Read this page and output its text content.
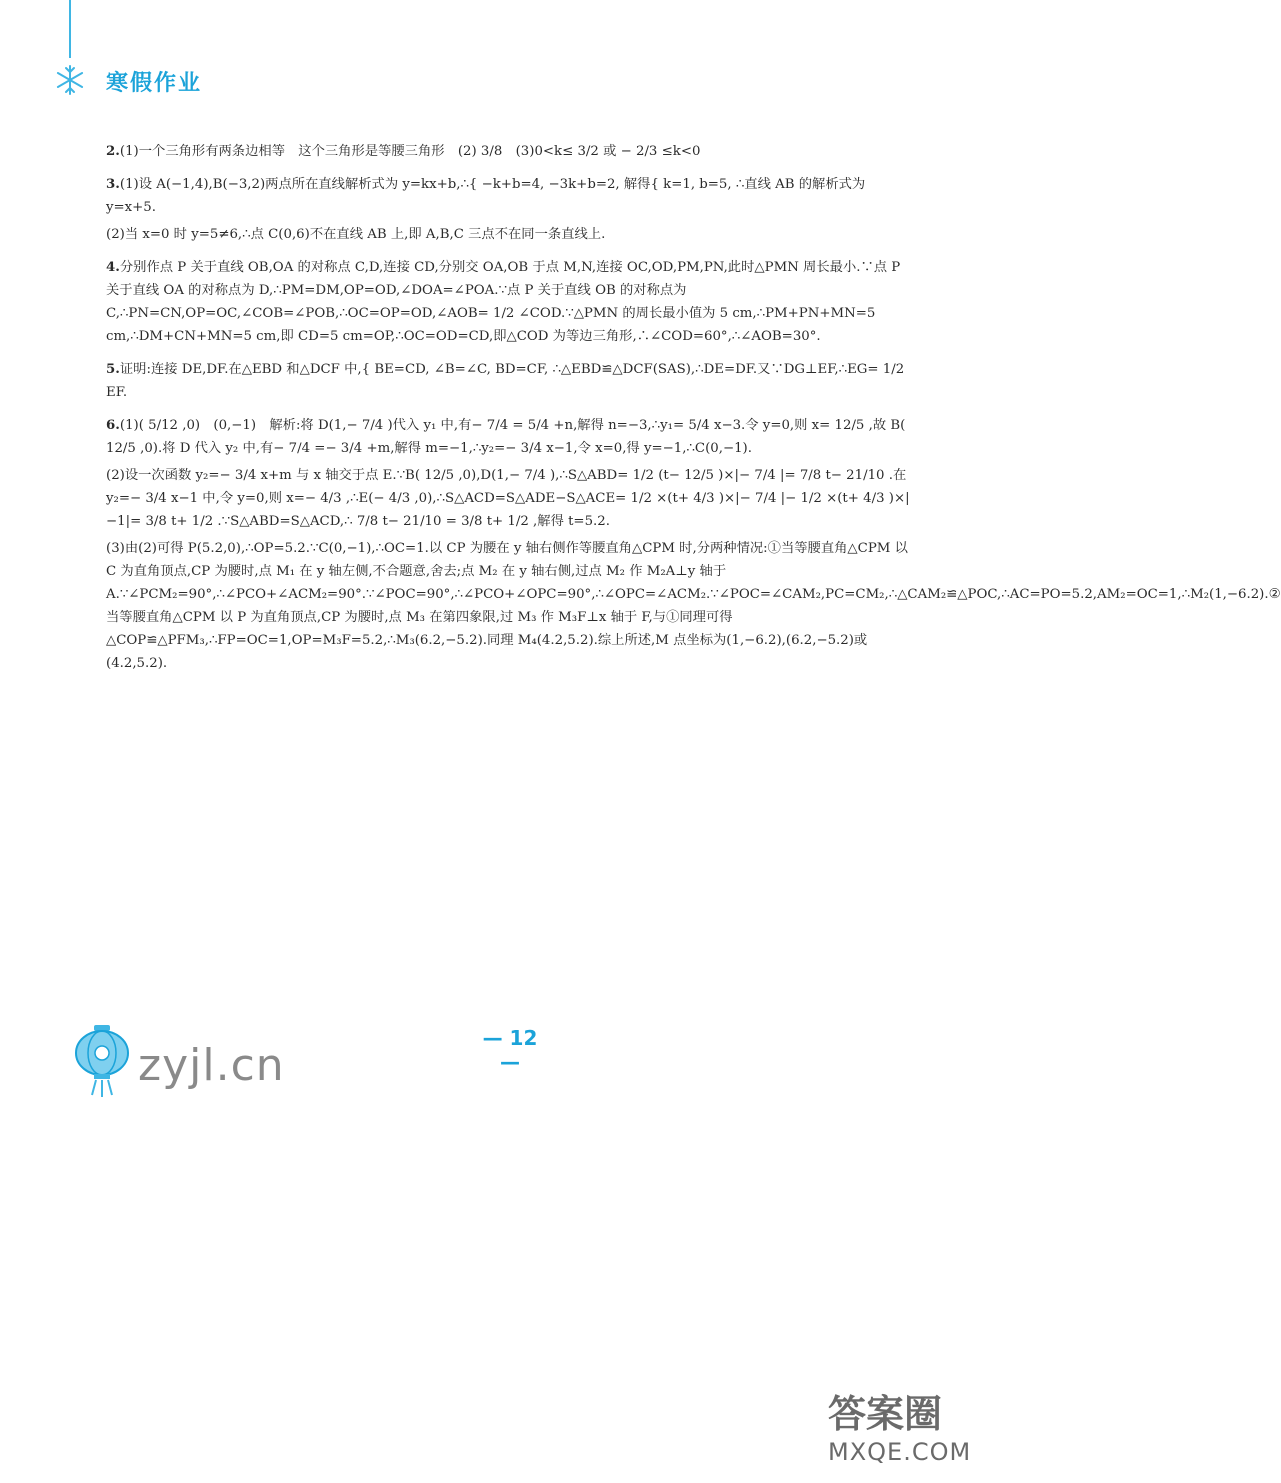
寒假作业

2.(1)一个三角形有两条边相等　这个三角形是等腰三角形　(2) 3/8　(3)0<k≤ 3/2 或 − 2/3 ≤k<0

3.(1)设 A(−1,4),B(−3,2)两点所在直线解析式为 y=kx+b,∴{ −k+b=4, −3k+b=2, 解得{ k=1, b=5, ∴直线 AB 的解析式为 y=x+5.

(2)当 x=0 时 y=5≠6,∴点 C(0,6)不在直线 AB 上,即 A,B,C 三点不在同一条直线上.

4.分别作点 P 关于直线 OB,OA 的对称点 C,D,连接 CD,分别交 OA,OB 于点 M,N,连接 OC,OD,PM,PN,此时△PMN 周长最小.∵点 P 关于直线 OA 的对称点为 D,∴PM=DM,OP=OD,∠DOA=∠POA.∵点 P 关于直线 OB 的对称点为 C,∴PN=CN,OP=OC,∠COB=∠POB,∴OC=OP=OD,∠AOB= 1/2 ∠COD.∵△PMN 的周长最小值为 5 cm,∴PM+PN+MN=5 cm,∴DM+CN+MN=5 cm,即 CD=5 cm=OP,∴OC=OD=CD,即△COD 为等边三角形,∴∠COD=60°,∴∠AOB=30°.

5.证明:连接 DE,DF.在△EBD 和△DCF 中,{ BE=CD, ∠B=∠C, BD=CF, ∴△EBD≌△DCF(SAS),∴DE=DF.又∵DG⊥EF,∴EG= 1/2 EF.

6.(1)( 5/12 ,0)　(0,−1)　解析:将 D(1,− 7/4 )代入 y₁ 中,有− 7/4 = 5/4 +n,解得 n=−3,∴y₁= 5/4 x−3.令 y=0,则 x= 12/5 ,故 B( 12/5 ,0).将 D 代入 y₂ 中,有− 7/4 =− 3/4 +m,解得 m=−1,∴y₂=− 3/4 x−1,令 x=0,得 y=−1,∴C(0,−1).

(2)设一次函数 y₂=− 3/4 x+m 与 x 轴交于点 E.∵B( 12/5 ,0),D(1,− 7/4 ),∴S△ABD= 1/2 (t− 12/5 )×|− 7/4 |= 7/8 t− 21/10 .在 y₂=− 3/4 x−1 中,令 y=0,则 x=− 4/3 ,∴E(− 4/3 ,0),∴S△ACD=S△ADE−S△ACE= 1/2 ×(t+ 4/3 )×|− 7/4 |− 1/2 ×(t+ 4/3 )×|−1|= 3/8 t+ 1/2 .∵S△ABD=S△ACD,∴ 7/8 t− 21/10 = 3/8 t+ 1/2 ,解得 t=5.2.

(3)由(2)可得 P(5.2,0),∴OP=5.2.∵C(0,−1),∴OC=1.以 CP 为腰在 y 轴右侧作等腰直角△CPM 时,分两种情况:①当等腰直角△CPM 以 C 为直角顶点,CP 为腰时,点 M₁ 在 y 轴左侧,不合题意,舍去;点 M₂ 在 y 轴右侧,过点 M₂ 作 M₂A⊥y 轴于 A.∵∠PCM₂=90°,∴∠PCO+∠ACM₂=90°.∵∠POC=90°,∴∠PCO+∠OPC=90°,∴∠OPC=∠ACM₂.∵∠POC=∠CAM₂,PC=CM₂,∴△CAM₂≌△POC,∴AC=PO=5.2,AM₂=OC=1,∴M₂(1,−6.2).②当等腰直角△CPM 以 P 为直角顶点,CP 为腰时,点 M₃ 在第四象限,过 M₃ 作 M₃F⊥x 轴于 F,与①同理可得△COP≌△PFM₃,∴FP=OC=1,OP=M₃F=5.2,∴M₃(6.2,−5.2).同理 M₄(4.2,5.2).综上所述,M 点坐标为(1,−6.2),(6.2,−5.2)或(4.2,5.2).

zyjl.cn
— 12 —
答案圈
MXQE.COM
